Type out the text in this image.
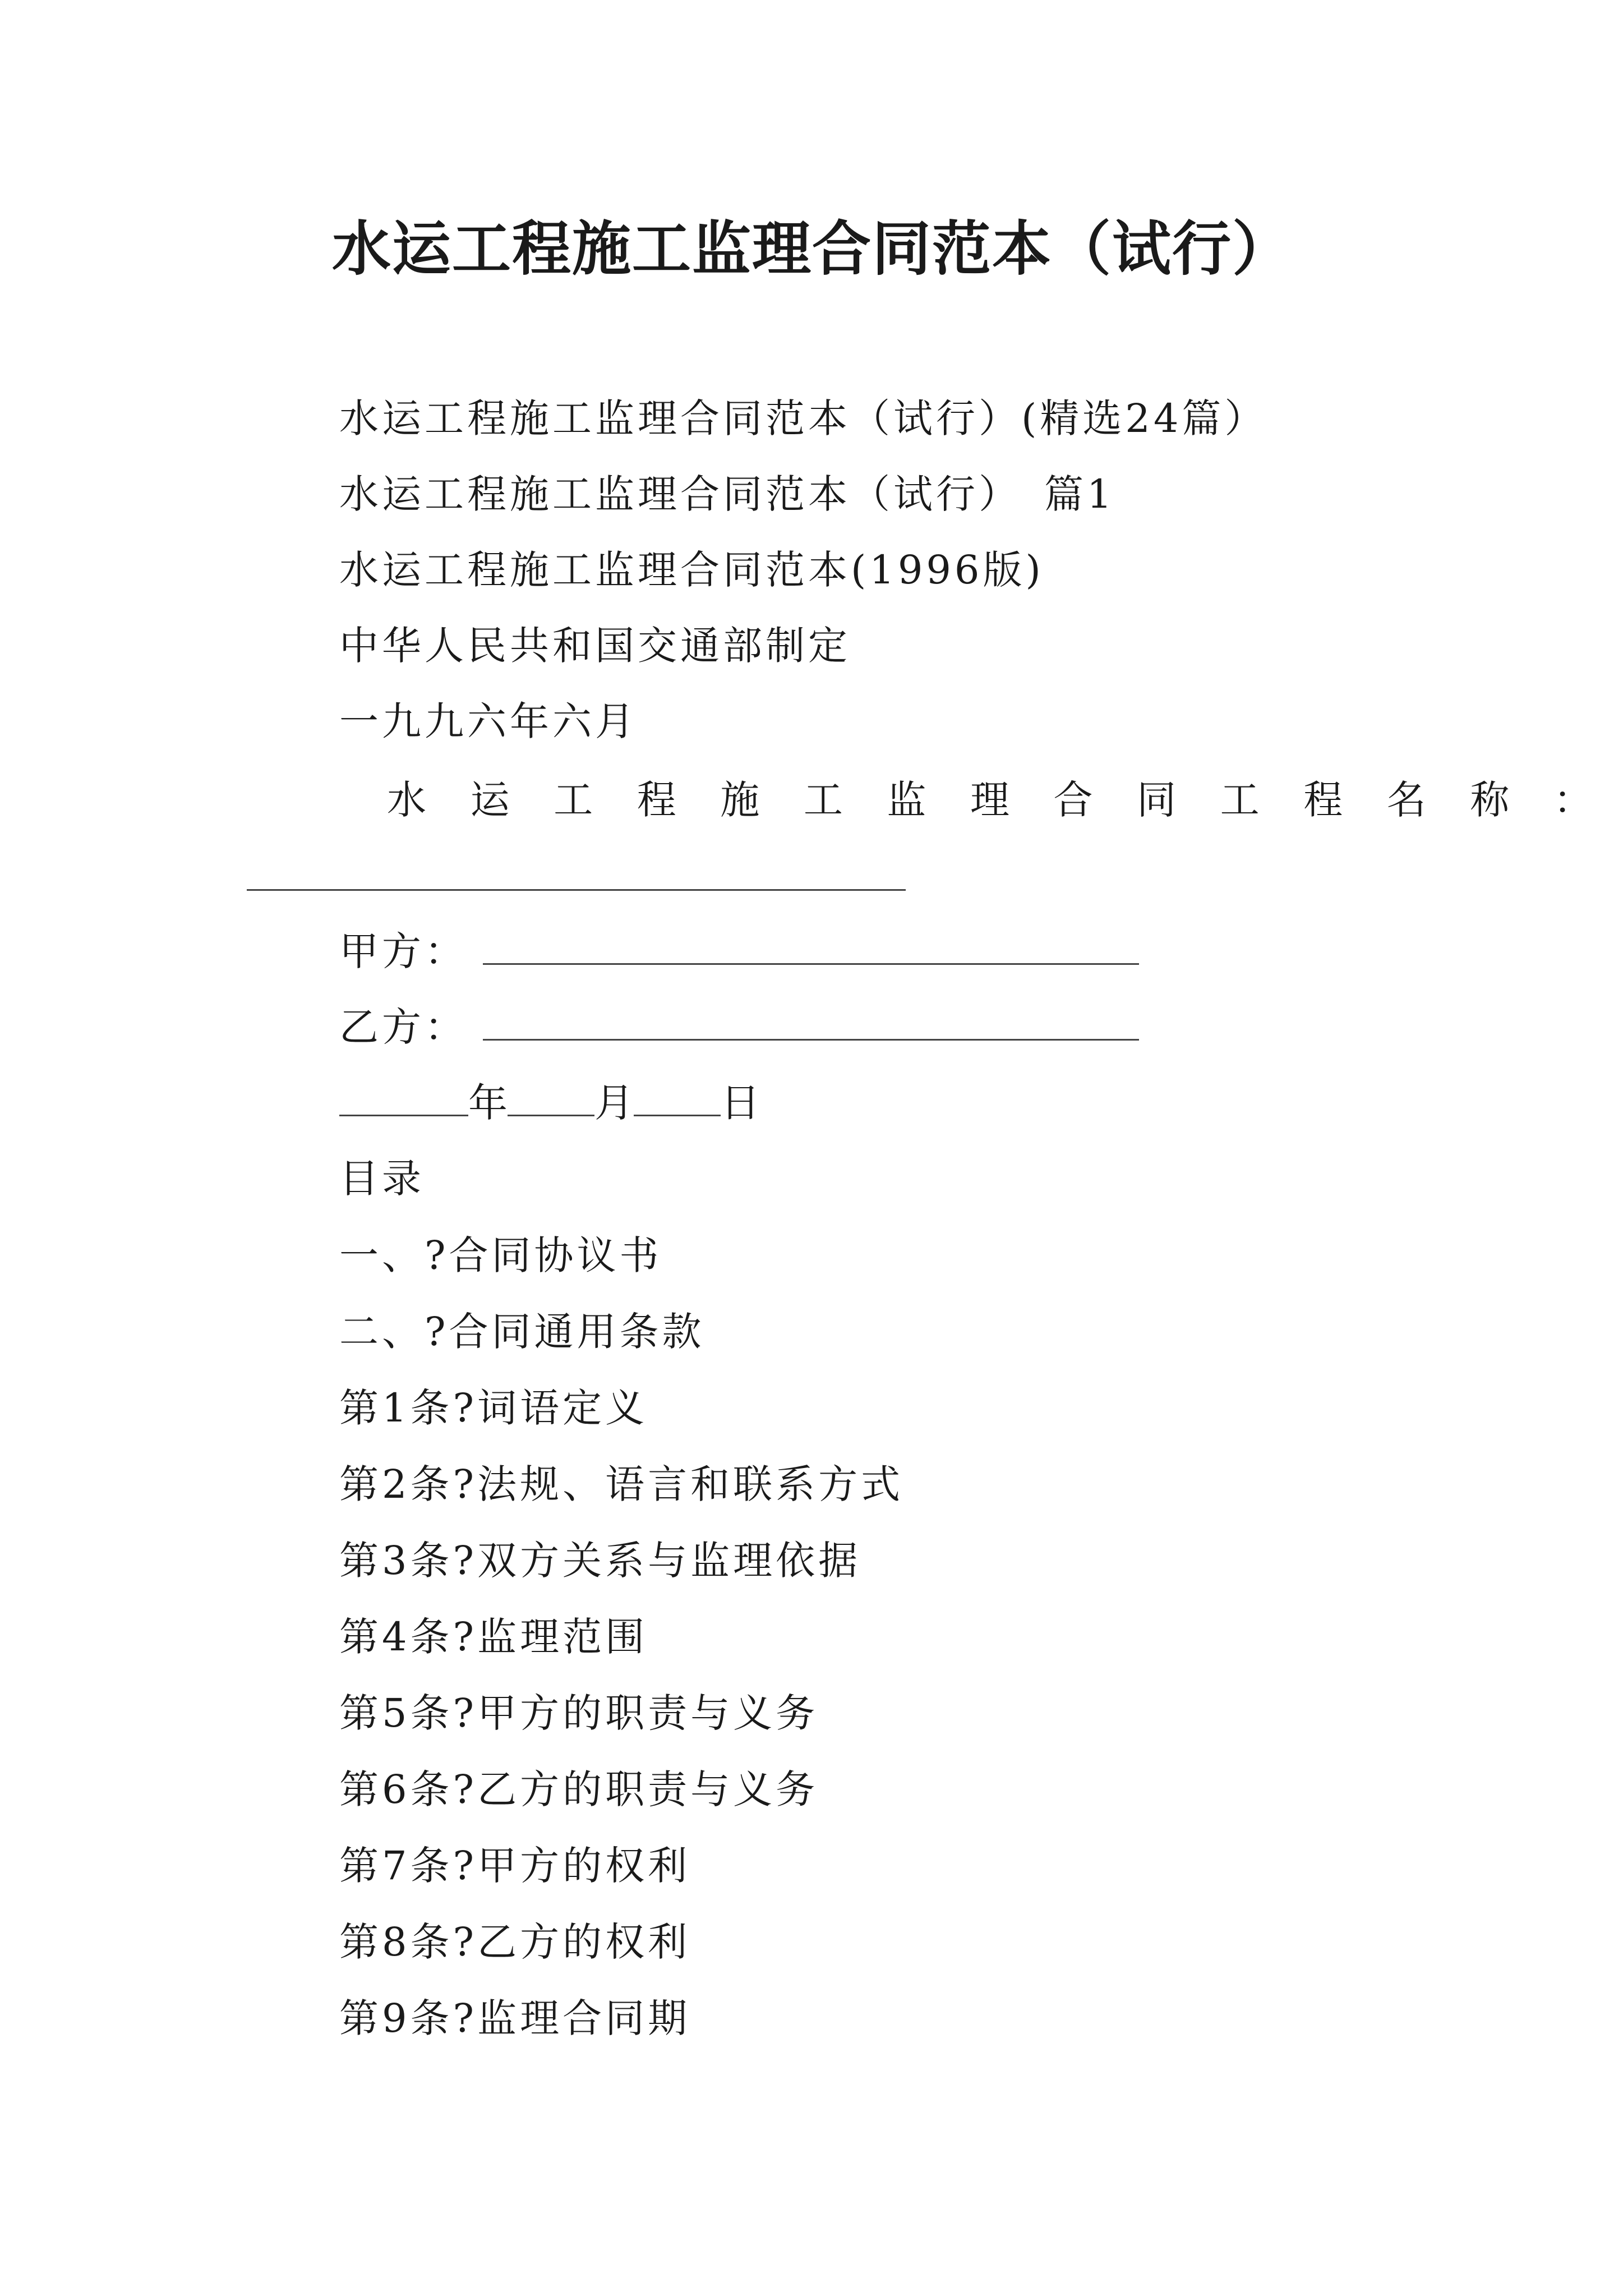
水运工程施工监理合同范本（试行）
水运工程施工监理合同范本（试行）(精选24篇）
水运工程施工监理合同范本（试行）　篇1
水运工程施工监理合同范本(1996版)
中华人民共和国交通部制定
一九九六年六月
水 运 工 程 施 工 监 理 合 同 工 程 名 称 ：
甲方：
乙方：
年 月 日
目录
一、?合同协议书
二、?合同通用条款
第1条?词语定义
第2条?法规、语言和联系方式
第3条?双方关系与监理依据
第4条?监理范围
第5条?甲方的职责与义务
第6条?乙方的职责与义务
第7条?甲方的权利
第8条?乙方的权利
第9条?监理合同期
